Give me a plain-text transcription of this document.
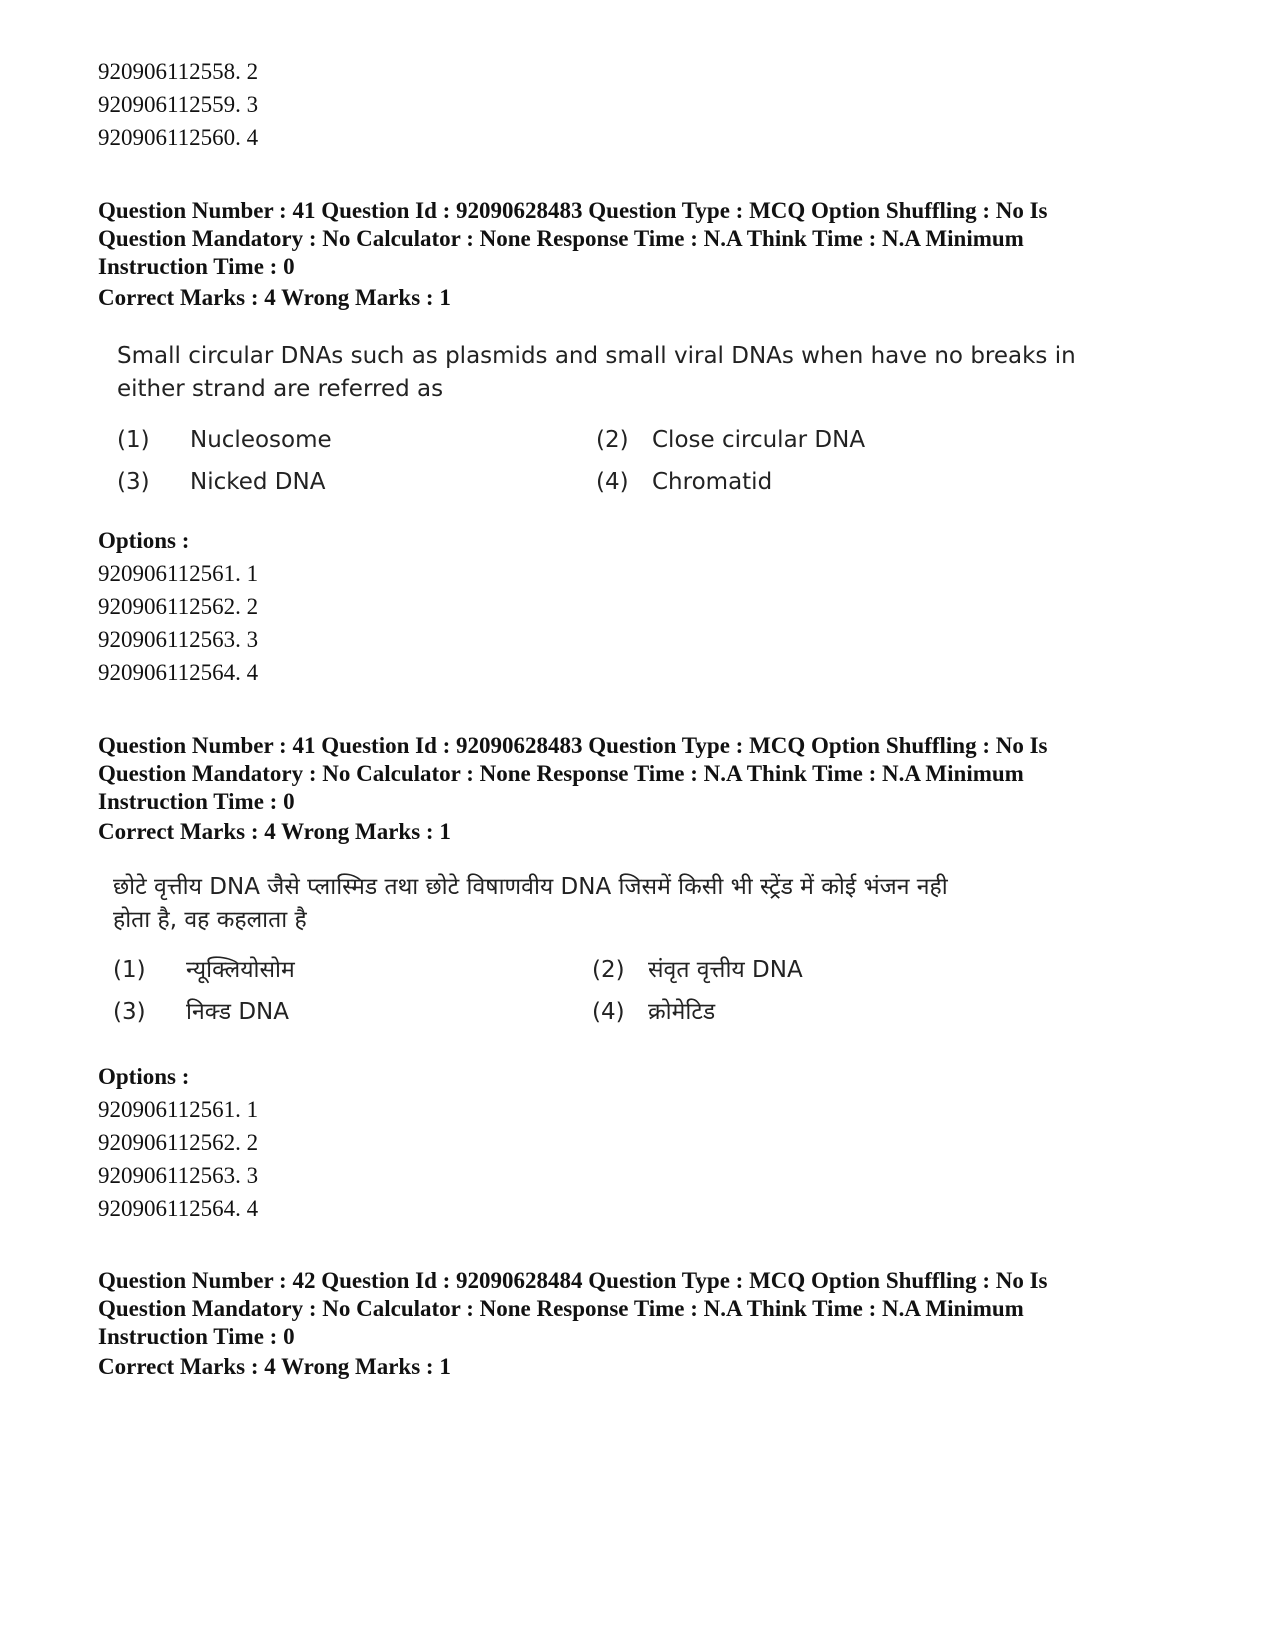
920906112558. 2
920906112559. 3
920906112560. 4
Question Number : 41 Question Id : 92090628483 Question Type : MCQ Option Shuffling : No Is
Question Mandatory : No Calculator : None Response Time : N.A Think Time : N.A Minimum
Instruction Time : 0
Correct Marks : 4 Wrong Marks : 1
Small circular DNAs such as plasmids and small viral DNAs when have no breaks in
either strand are referred as
(1) Nucleosome	(2) Close circular DNA
(3) Nicked DNA	(4) Chromatid
Options :
920906112561. 1
920906112562. 2
920906112563. 3
920906112564. 4
Question Number : 41 Question Id : 92090628483 Question Type : MCQ Option Shuffling : No Is
Question Mandatory : No Calculator : None Response Time : N.A Think Time : N.A Minimum
Instruction Time : 0
Correct Marks : 4 Wrong Marks : 1
छोटे वृत्तीय DNA जैसे प्लास्मिड तथा छोटे विषाणवीय DNA जिसमें किसी भी स्ट्रेंड में कोई भंजन नही
होता है, वह कहलाता है
(1) न्यूक्लियोसोम	(2) संवृत वृत्तीय DNA
(3) निक्ड DNA	(4) क्रोमेटिड
Options :
920906112561. 1
920906112562. 2
920906112563. 3
920906112564. 4
Question Number : 42 Question Id : 92090628484 Question Type : MCQ Option Shuffling : No Is
Question Mandatory : No Calculator : None Response Time : N.A Think Time : N.A Minimum
Instruction Time : 0
Correct Marks : 4 Wrong Marks : 1
